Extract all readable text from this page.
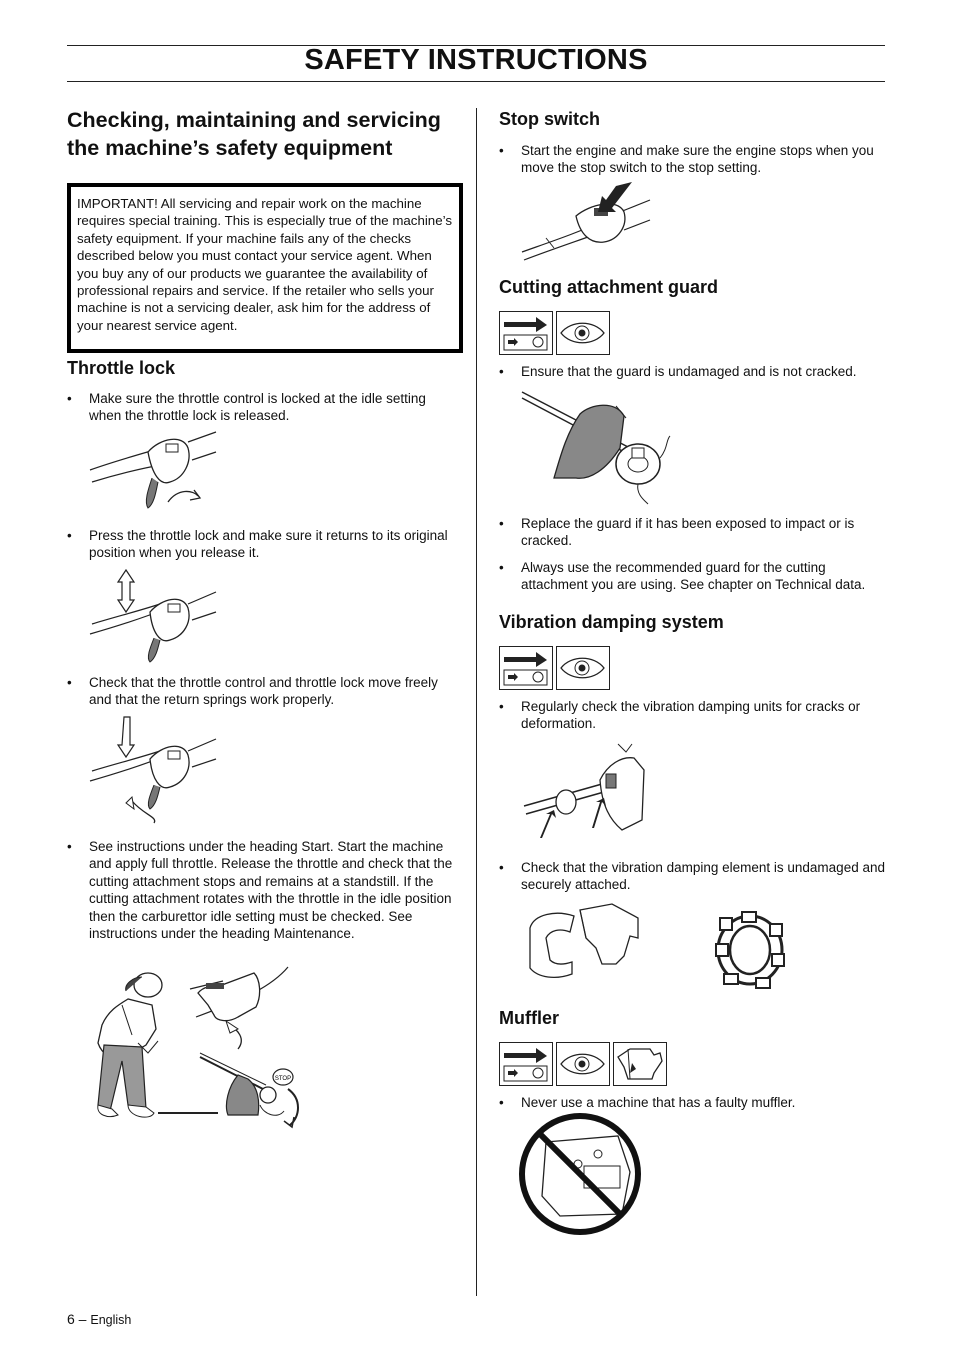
SAFETY INSTRUCTIONS
Checking, maintaining and servicing
the machine’s safety equipment
IMPORTANT! All servicing and repair work on the machine requires special training. This is especially true of the machine’s safety equipment. If your machine fails any of the checks described below you must contact your service agent. When you buy any of our products we guarantee the availability of professional repairs and service. If the retailer who sells your machine is not a servicing dealer, ask him for the address of your nearest service agent.
Throttle lock
• Make sure the throttle control is locked at the idle setting when the throttle lock is released.
• Press the throttle lock and make sure it returns to its original position when you release it.
• Check that the throttle control and throttle lock move freely and that the return springs work properly.
• See instructions under the heading Start. Start the machine and apply full throttle. Release the throttle and check that the cutting attachment stops and remains at a standstill. If the cutting attachment rotates with the throttle in the idle position then the carburettor idle setting must be checked. See instructions under the heading Maintenance.
STOP
Stop switch
• Start the engine and make sure the engine stops when you move the stop switch to the stop setting.
Cutting attachment guard
• Ensure that the guard is undamaged and is not cracked.
• Replace the guard if it has been exposed to impact or is cracked.
• Always use the recommended guard for the cutting attachment you are using. See chapter on Technical data.
Vibration damping system
• Regularly check the vibration damping units for cracks or deformation.
• Check that the vibration damping element is undamaged and securely attached.
Muffler
• Never use a machine that has a faulty muffler.
6 – English
